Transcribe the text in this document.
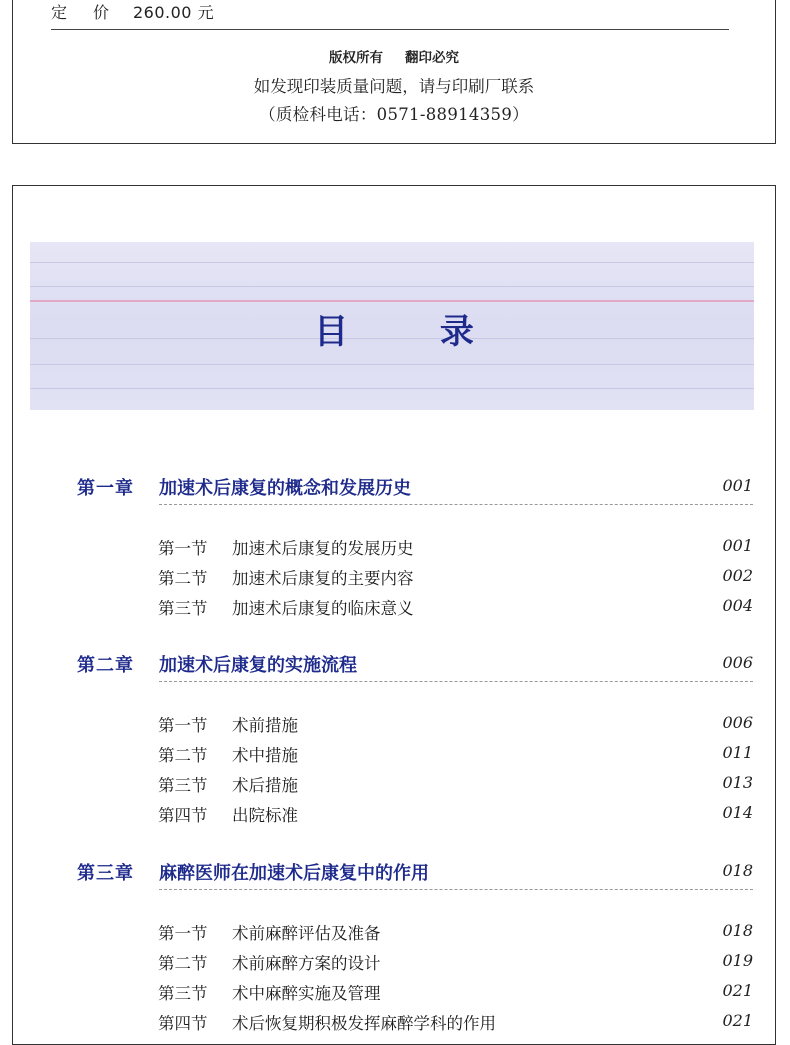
定 价 260.00 元
版权所有 翻印必究
如发现印装质量问题，请与印刷厂联系
（质检科电话：0571-88914359）
目 录
第一章 加速术后康复的概念和发展历史	001
第一节 加速术后康复的发展历史	001
第二节 加速术后康复的主要内容	002
第三节 加速术后康复的临床意义	004
第二章 加速术后康复的实施流程	006
第一节 术前措施	006
第二节 术中措施	011
第三节 术后措施	013
第四节 出院标准	014
第三章 麻醉医师在加速术后康复中的作用	018
第一节 术前麻醉评估及准备	018
第二节 术前麻醉方案的设计	019
第三节 术中麻醉实施及管理	021
第四节 术后恢复期积极发挥麻醉学科的作用	021
